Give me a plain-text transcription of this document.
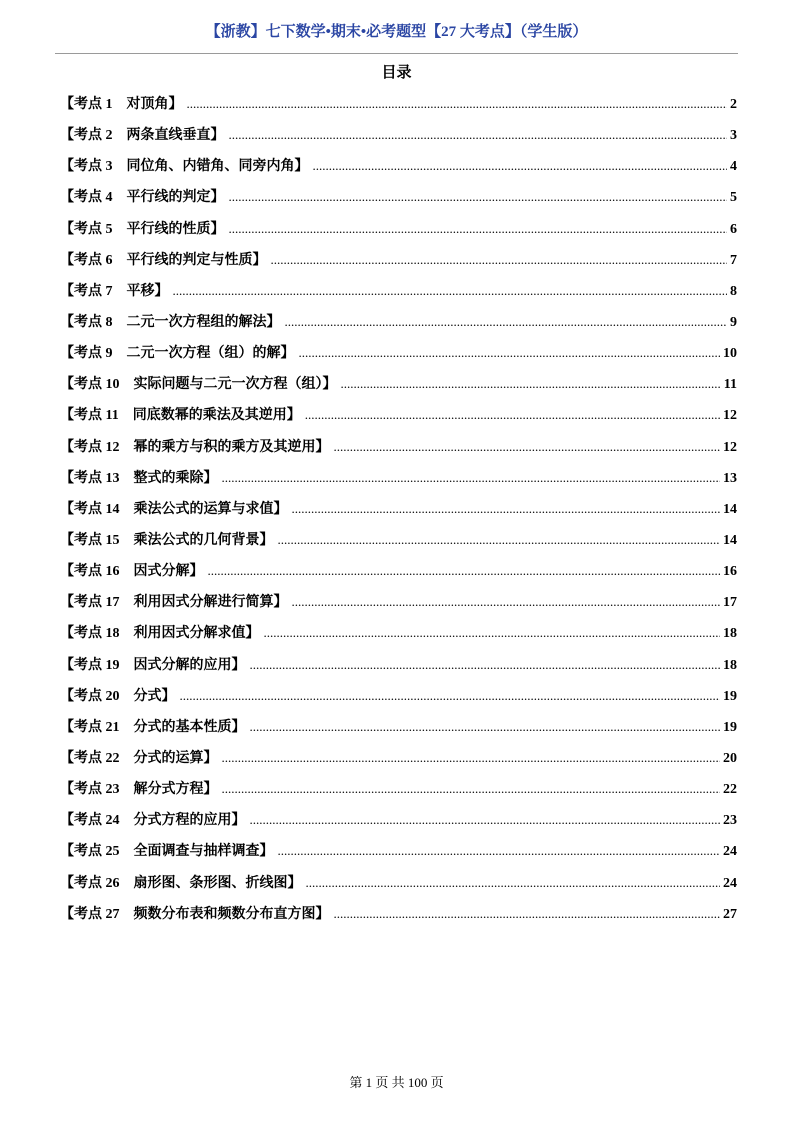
【浙教】七下数学•期末•必考题型【27 大考点】（学生版）
目录
【考点 1 对顶角】 .....	2
【考点 2 两条直线垂直】 .....	3
【考点 3 同位角、内错角、同旁内角】 .....	4
【考点 4 平行线的判定】 .....	5
【考点 5 平行线的性质】 .....	6
【考点 6 平行线的判定与性质】 .....	7
【考点 7 平移】 .....	8
【考点 8 二元一次方程组的解法】 .....	9
【考点 9 二元一次方程（组）的解】 .....	10
【考点 10 实际问题与二元一次方程（组）】 .....	11
【考点 11 同底数幂的乘法及其逆用】 .....	12
【考点 12 幂的乘方与积的乘方及其逆用】 .....	12
【考点 13 整式的乘除】 .....	13
【考点 14 乘法公式的运算与求值】 .....	14
【考点 15 乘法公式的几何背景】 .....	14
【考点 16 因式分解】 .....	16
【考点 17 利用因式分解进行简算】 .....	17
【考点 18 利用因式分解求值】 .....	18
【考点 19 因式分解的应用】 .....	18
【考点 20 分式】 .....	19
【考点 21 分式的基本性质】 .....	19
【考点 22 分式的运算】 .....	20
【考点 23 解分式方程】 .....	22
【考点 24 分式方程的应用】 .....	23
【考点 25 全面调查与抽样调查】 .....	24
【考点 26 扇形图、条形图、折线图】 .....	24
【考点 27 频数分布表和频数分布直方图】 .....	27
第 1 页 共 100 页
